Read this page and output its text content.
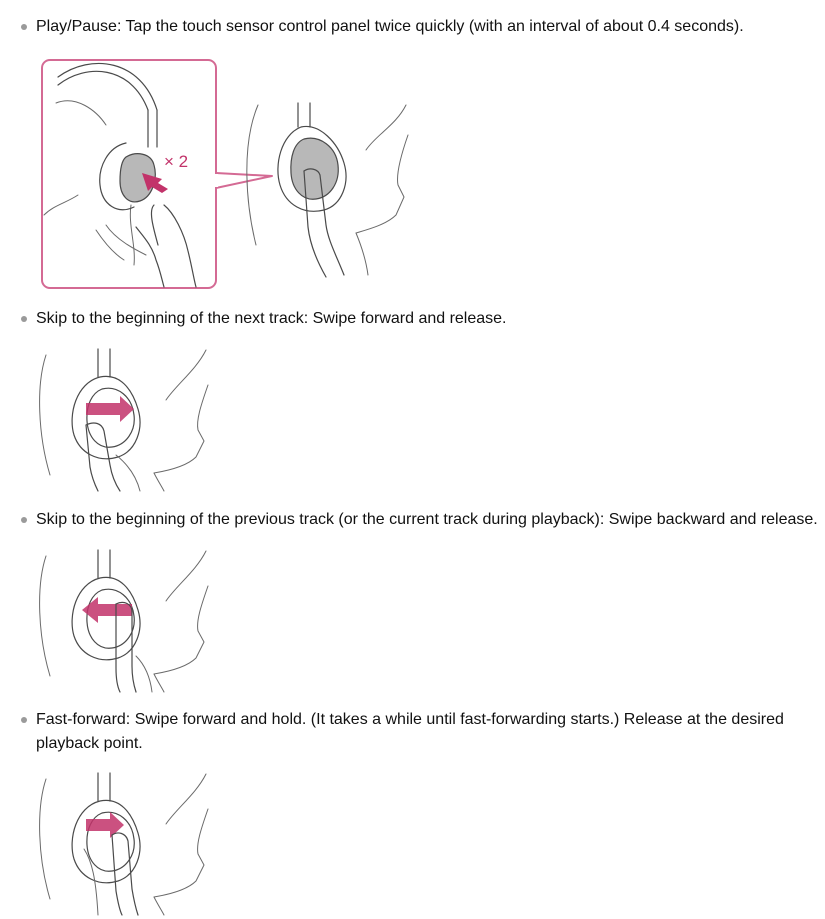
Play/Pause: Tap the touch sensor control panel twice quickly (with an interval of about 0.4 seconds).
× 2
Skip to the beginning of the next track: Swipe forward and release.
Skip to the beginning of the previous track (or the current track during playback): Swipe backward and release.
Fast-forward: Swipe forward and hold. (It takes a while until fast-forwarding starts.) Release at the desired playback point.
